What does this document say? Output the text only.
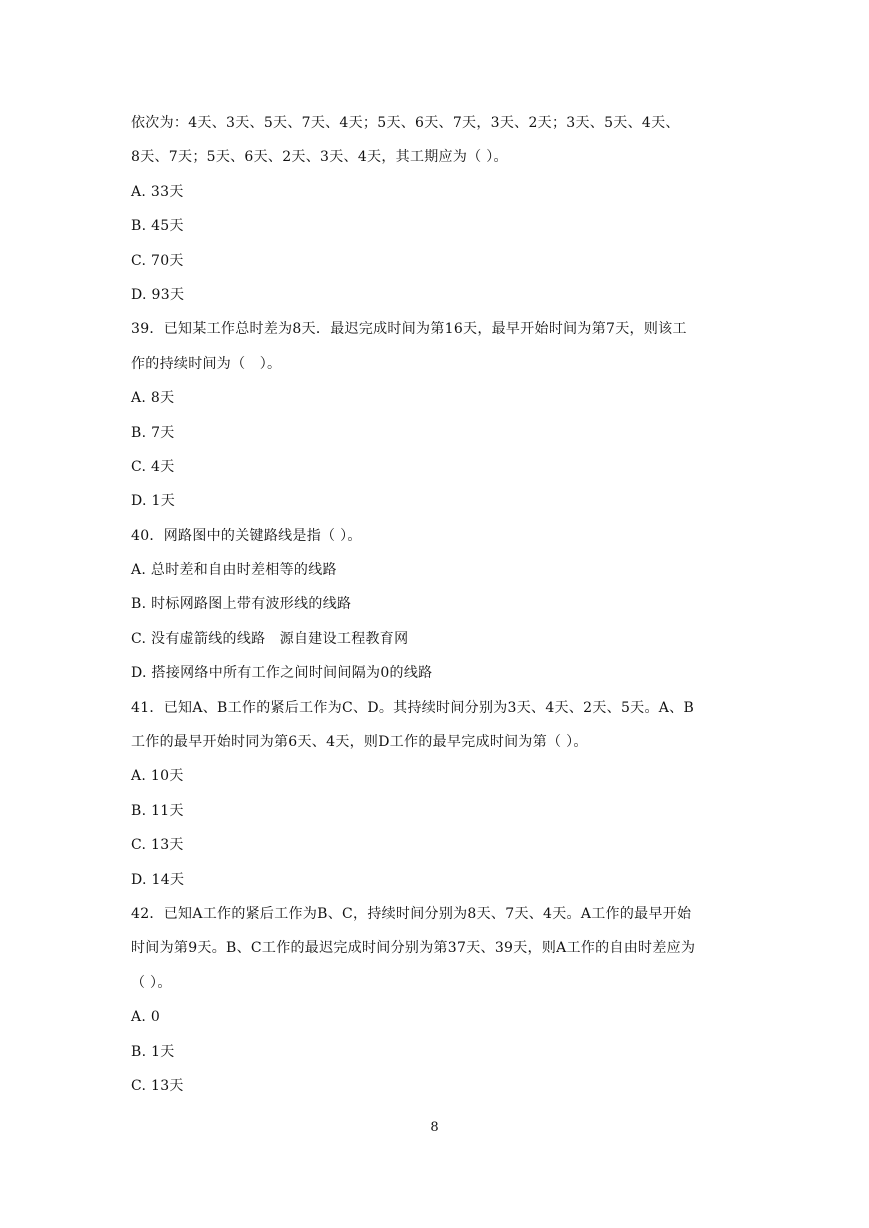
依次为：4天、3天、5天、7天、4天；5天、6天、7天，3天、2天；3天、5天、4天、
8天、7天；5天、6天、2天、3天、4天，其工期应为（ ）。
A. 33天
B. 45天
C. 70天
D. 93天
39．已知某工作总时差为8天．最迟完成时间为第16天，最早开始时间为第7天，则该工
作的持续时间为（　）。
A. 8天
B. 7天
C. 4天
D. 1天
40．网路图中的关键路线是指（ ）。
A. 总时差和自由时差相等的线路
B. 时标网路图上带有波形线的线路
C. 没有虚箭线的线路　源自建设工程教育网
D. 搭接网络中所有工作之间时间间隔为0的线路
41．已知A、B工作的紧后工作为C、D。其持续时间分别为3天、4天、2天、5天。A、B
工作的最早开始时同为第6天、4天，则D工作的最早完成时间为第（ ）。
A. 10天
B. 11天
C. 13天
D. 14天
42．已知A工作的紧后工作为B、C，持续时间分别为8天、7天、4天。A工作的最早开始
时间为第9天。B、C工作的最迟完成时间分别为第37天、39天，则A工作的自由时差应为
（ ）。
A. 0
B. 1天
C. 13天
8
